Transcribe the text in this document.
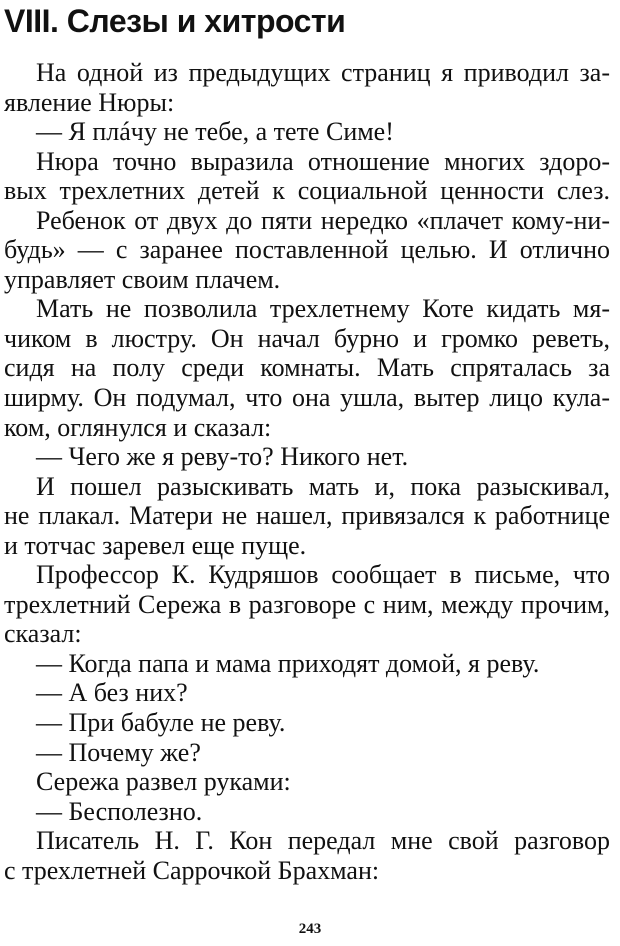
VIII. Слезы и хитрости
На одной из предыдущих страниц я приводил за-
явление Нюры:
— Я плáчу не тебе, а тете Симе!
Нюра точно выразила отношение многих здоро-
вых трехлетних детей к социальной ценности слез.
Ребенок от двух до пяти нередко «плачет кому-ни-
будь» — с заранее поставленной целью. И отлично
управляет своим плачем.
Мать не позволила трехлетнему Коте кидать мя-
чиком в люстру. Он начал бурно и громко реветь,
сидя на полу среди комнаты. Мать спряталась за
ширму. Он подумал, что она ушла, вытер лицо кула-
ком, оглянулся и сказал:
— Чего же я реву-то? Никого нет.
И пошел разыскивать мать и, пока разыскивал,
не плакал. Матери не нашел, привязался к работнице
и тотчас заревел еще пуще.
Профессор К. Кудряшов сообщает в письме, что
трехлетний Сережа в разговоре с ним, между прочим,
сказал:
— Когда папа и мама приходят домой, я реву.
— А без них?
— При бабуле не реву.
— Почему же?
Сережа развел руками:
— Бесполезно.
Писатель Н. Г. Кон передал мне свой разговор
с трехлетней Саррочкой Брахман:
243
